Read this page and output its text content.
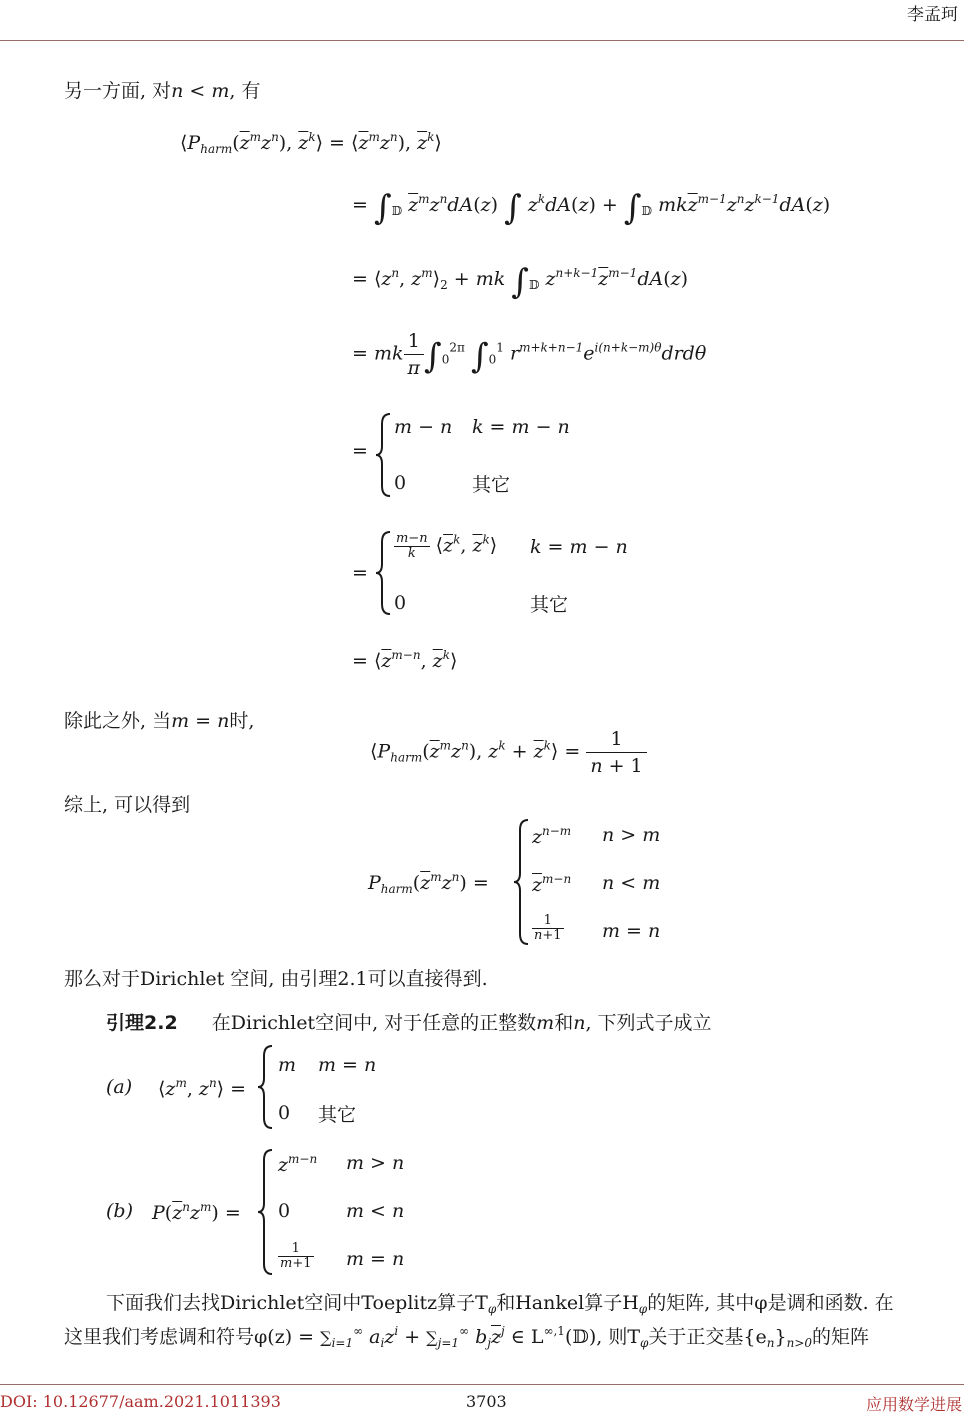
李孟珂
另一方面, 对n < m, 有
$⟨P_{harm}(\overline{z}^mz^n)$, $\overline{z}^k⟩$ = $⟨\overline{z}^mz^n$), $\overline{z}^k⟩$
= $\int_𝔻$ $\overline{z}^mz^ndA(z)$ ∫ $z^kdA(z) + \int_𝔻$ $mk\overline{z}^{m-1}z^nz^{k-1}dA(z)$
= $⟨z^n$, $z^m⟩_2$ + mk $\int_𝔻$ $z^{n+k-1}\overline{z}^{m-1}dA(z)$
= mk $\frac{1}{\pi} \int_0^{2\pi}$ $\int_0^1$ $r^{m+k+n-1}e^{i(n+k-m)\theta}drd\theta$
=
m − n k = m − n
0	其它
=
$\frac{m-n}{k}$ $⟨\overline{z}^k$, $\overline{z}^k⟩$ k = m − n
0	其它
= $⟨\overline{z}^{m-n}$, $\overline{z}^k⟩$
除此之外, 当m = n时,
$⟨P_{harm}(\overline{z}^mz^n)$, $z^k$ + $\overline{z}^k⟩ = \frac{1}{n + 1}$
综上, 可以得到
$P_{harm}(\overline{z}^mz^n)$ =
$z^{n-m}$ n > m
$\overline{z}^{m-n}$ n < m
$\frac{1}{n+1}$ m = n
那么对于Dirichlet 空间, 由引理2.1可以直接得到.
引理2.2 在Dirichlet空间中, 对于任意的正整数m和n, 下列式子成立
(a) $⟨z^m$, $z^n⟩$ =
m m = n
0 其它
(b) $P(\overline{z}^nz^m)$ =
$z^{m-n}$ m > n
0	m < n
$\frac{1}{m+1}$ m = n
下面我们去找Dirichlet空间中Toeplitz算子$T_\varphi$和Hankel算子$H_\varphi$的矩阵, 其中φ是调和函数. 在
这里我们考虑调和符号$\varphi(z) = \sum_{i=1}^\infty$ $a_iz^i + \sum_{j=1}^\infty$ $b_j\overline{z}^j$ ∈ $L^{\infty,1}(𝔻)$, 则$T_\varphi$关于正交基$\{e_n\}_{n>0}$的矩阵
DOI: 10.12677/aam.2021.1011393	3703	应用数学进展
